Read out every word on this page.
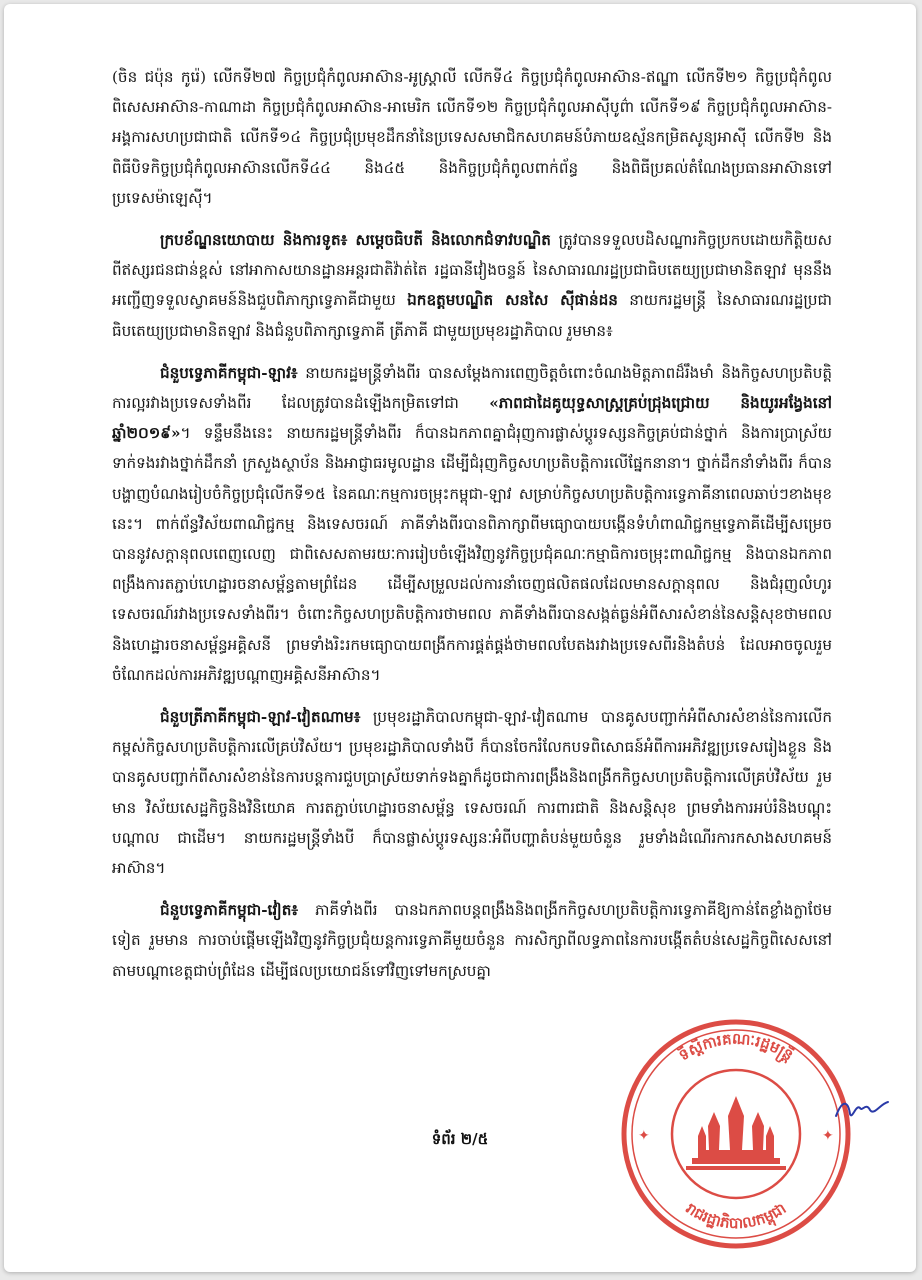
(ចិន ជប៉ុន កូរ៉េ) លើកទី២៧ កិច្ចប្រជុំកំពូលអាស៊ាន-អូស្ត្រាលី លើកទី៤ កិច្ចប្រជុំកំពូលអាស៊ាន-ឥណ្ឌា លើកទី២១ កិច្ចប្រជុំកំពូលពិសេសអាស៊ាន-កាណាដា កិច្ចប្រជុំកំពូលអាស៊ាន-អាមេរិក លើកទី១២ កិច្ចប្រជុំកំពូលអាស៊ីបូព៌ា លើកទី១៩ កិច្ចប្រជុំកំពូលអាស៊ាន-អង្គការសហប្រជាជាតិ លើកទី១៤ កិច្ចប្រជុំប្រមុខដឹកនាំនៃប្រទេសសមាជិកសហគមន៍បំភាយឧស្ម័នកម្រិតសូន្យអាស៊ី លើកទី២ និងពិធីបិទកិច្ចប្រជុំកំពូលអាស៊ានលើកទី៤៤ និង៤៥ និងកិច្ចប្រជុំកំពូលពាក់ព័ន្ធ និងពិធីប្រគល់តំណែងប្រធានអាស៊ានទៅប្រទេសម៉ាឡេស៊ី។

ក្របខ័ណ្ឌនយោបាយ និងការទូត៖ សម្តេចធិបតី និងលោកជំទាវបណ្ឌិត ត្រូវបានទទួលបដិសណ្ឋារកិច្ចប្រកបដោយកិត្តិយស ពីឥស្សរជនជាន់ខ្ពស់ នៅអាកាសយានដ្ឋានអន្តរជាតិវ៉ាត់តៃ រដ្ឋធានីវៀងចន្ទន៍ នៃសាធារណរដ្ឋប្រជាធិបតេយ្យប្រជាមានិតឡាវ មុននឹងអញ្ជើញទទួលស្វាគមន៍និងជួបពិភាក្សាទ្វេភាគីជាមួយ ឯកឧត្តមបណ្ឌិត សនសៃ ស៊ីផាន់ដន នាយករដ្ឋមន្ត្រី នៃសាធារណរដ្ឋប្រជាធិបតេយ្យប្រជាមានិតឡាវ និងជំនួបពិភាក្សាទ្វេភាគី ត្រីភាគី ជាមួយប្រមុខរដ្ឋាភិបាល រួមមាន៖

ជំនួបទ្វេភាគីកម្ពុជា-ឡាវ៖ នាយករដ្ឋមន្ត្រីទាំងពីរ បានសម្តែងការពេញចិត្តចំពោះចំណងមិត្តភាពដ៏រឹងមាំ និងកិច្ចសហប្រតិបត្តិការល្អរវាងប្រទេសទាំងពីរ ដែលត្រូវបានដំឡើងកម្រិតទៅជា «ភាពជាដៃគូយុទ្ធសាស្ត្រគ្រប់ជ្រុងជ្រោយ និងយូរអង្វែងនៅឆ្នាំ២០១៩»។ ទន្ទឹមនឹងនេះ នាយករដ្ឋមន្ត្រីទាំងពីរ ក៏បានឯកភាពគ្នាជំរុញការផ្លាស់ប្តូរទស្សនកិច្ចគ្រប់ជាន់ថ្នាក់ និងការប្រាស្រ័យទាក់ទងរវាងថ្នាក់ដឹកនាំ ក្រសួងស្ថាប័ន និងអាជ្ញាធរមូលដ្ឋាន ដើម្បីជំរុញកិច្ចសហប្រតិបត្តិការលើផ្នែកនានា។ ថ្នាក់ដឹកនាំទាំងពីរ ក៏បានបង្ហាញបំណងរៀបចំកិច្ចប្រជុំលើកទី១៥ នៃគណៈកម្មការចម្រុះកម្ពុជា-ឡាវ សម្រាប់កិច្ចសហប្រតិបត្តិការទ្វេភាគីនាពេលឆាប់ៗខាងមុខនេះ។ ពាក់ព័ន្ធវិស័យពាណិជ្ជកម្ម និងទេសចរណ៍ ភាគីទាំងពីរបានពិភាក្សាពីមធ្យោបាយបង្កើនទំហំពាណិជ្ជកម្មទ្វេភាគីដើម្បីសម្រេចបាននូវសក្តានុពលពេញលេញ ជាពិសេសតាមរយៈការរៀបចំឡើងវិញនូវកិច្ចប្រជុំគណៈកម្មាធិការចម្រុះពាណិជ្ជកម្ម និងបានឯកភាពពង្រឹងការតភ្ជាប់ហេដ្ឋារចនាសម្ព័ន្ធតាមព្រំដែន ដើម្បីសម្រួលដល់ការនាំចេញផលិតផលដែលមានសក្តានុពល និងជំរុញលំហូរទេសចរណ៍រវាងប្រទេសទាំងពីរ។ ចំពោះកិច្ចសហប្រតិបត្តិការថាមពល ភាគីទាំងពីរបានសង្កត់ធ្ងន់អំពីសារសំខាន់នៃសន្តិសុខថាមពល និងហេដ្ឋារចនាសម្ព័ន្ធអគ្គិសនី ព្រមទាំងរិះរកមធ្យោបាយពង្រីកការផ្គត់ផ្គង់ថាមពលបែតងរវាងប្រទេសពីរនិងតំបន់ ដែលអាចចូលរួមចំណែកដល់ការអភិវឌ្ឍបណ្តាញអគ្គិសនីអាស៊ាន។

ជំនួបត្រីភាគីកម្ពុជា-ឡាវ-វៀតណាម៖ ប្រមុខរដ្ឋាភិបាលកម្ពុជា-ឡាវ-វៀតណាម បានគូសបញ្ជាក់អំពីសារសំខាន់នៃការលើកកម្ពស់កិច្ចសហប្រតិបត្តិការលើគ្រប់វិស័យ។ ប្រមុខរដ្ឋាភិបាលទាំងបី ក៏បានចែករំលែកបទពិសោធន៍អំពីការអភិវឌ្ឍប្រទេសរៀងខ្លួន និងបានគូសបញ្ជាក់ពីសារសំខាន់នៃការបន្តការជួបប្រាស្រ័យទាក់ទងគ្នាក៏ដូចជាការពង្រឹងនិងពង្រីកកិច្ចសហប្រតិបត្តិការលើគ្រប់វិស័យ រួមមាន វិស័យសេដ្ឋកិច្ចនិងវិនិយោគ ការតភ្ជាប់ហេដ្ឋារចនាសម្ព័ន្ធ ទេសចរណ៍ ការពារជាតិ និងសន្តិសុខ ព្រមទាំងការអប់រំនិងបណ្តុះបណ្តាល ជាដើម។ នាយករដ្ឋមន្ត្រីទាំងបី ក៏បានផ្លាស់ប្តូរទស្សនៈអំពីបញ្ហាតំបន់មួយចំនួន រួមទាំងដំណើរការកសាងសហគមន៍អាស៊ាន។

ជំនួបទ្វេភាគីកម្ពុជា-វៀត៖ ភាគីទាំងពីរ បានឯកភាពបន្តពង្រឹងនិងពង្រីកកិច្ចសហប្រតិបត្តិការទ្វេភាគីឱ្យកាន់តែខ្លាំងក្លាថែមទៀត រួមមាន ការចាប់ផ្តើមឡើងវិញនូវកិច្ចប្រជុំយន្តការទ្វេភាគីមួយចំនួន ការសិក្សាពីលទ្ធភាពនៃការបង្កើតតំបន់សេដ្ឋកិច្ចពិសេសនៅតាមបណ្តាខេត្តជាប់ព្រំដែន ដើម្បីផលប្រយោជន៍ទៅវិញទៅមកស្របគ្នា

ទំព័រ ២/៥
ទីស្តីការគណៈរដ្ឋមន្ត្រី
រាជរដ្ឋាភិបាលកម្ពុជា
✦	✦
